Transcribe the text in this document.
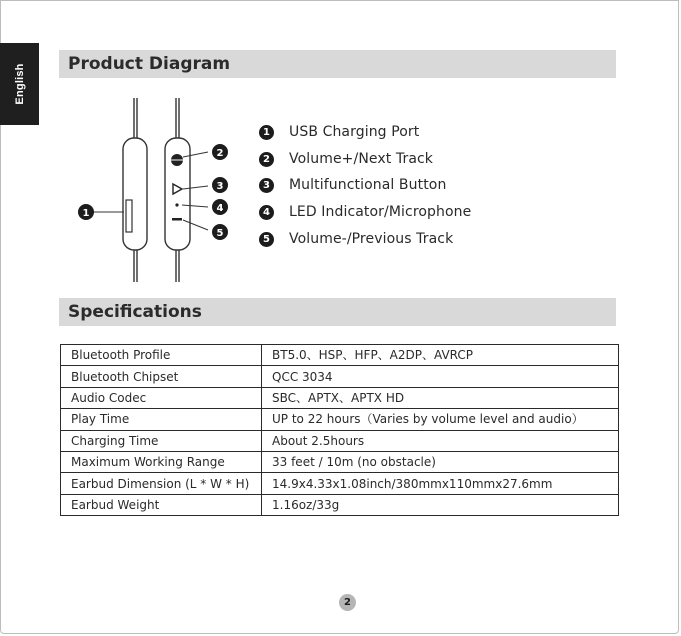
English	Product Diagram
1
2
3
4
5
1 USB Charging Port
2 Volume+/Next Track
3 Multifunctional Button
4 LED Indicator/Microphone
5 Volume-/Previous Track
Specifications
Bluetooth Profile	BT5.0、HSP、HFP、A2DP、AVRCP
Bluetooth Chipset	QCC 3034
Audio Codec	SBC、APTX、APTX HD
Play Time	UP to 22 hours（Varies by volume level and audio）
Charging Time	About 2.5hours
Maximum Working Range	33 feet / 10m (no obstacle)
Earbud Dimension (L * W * H)	14.9x4.33x1.08inch/380mmx110mmx27.6mm
Earbud Weight	1.16oz/33g
2
